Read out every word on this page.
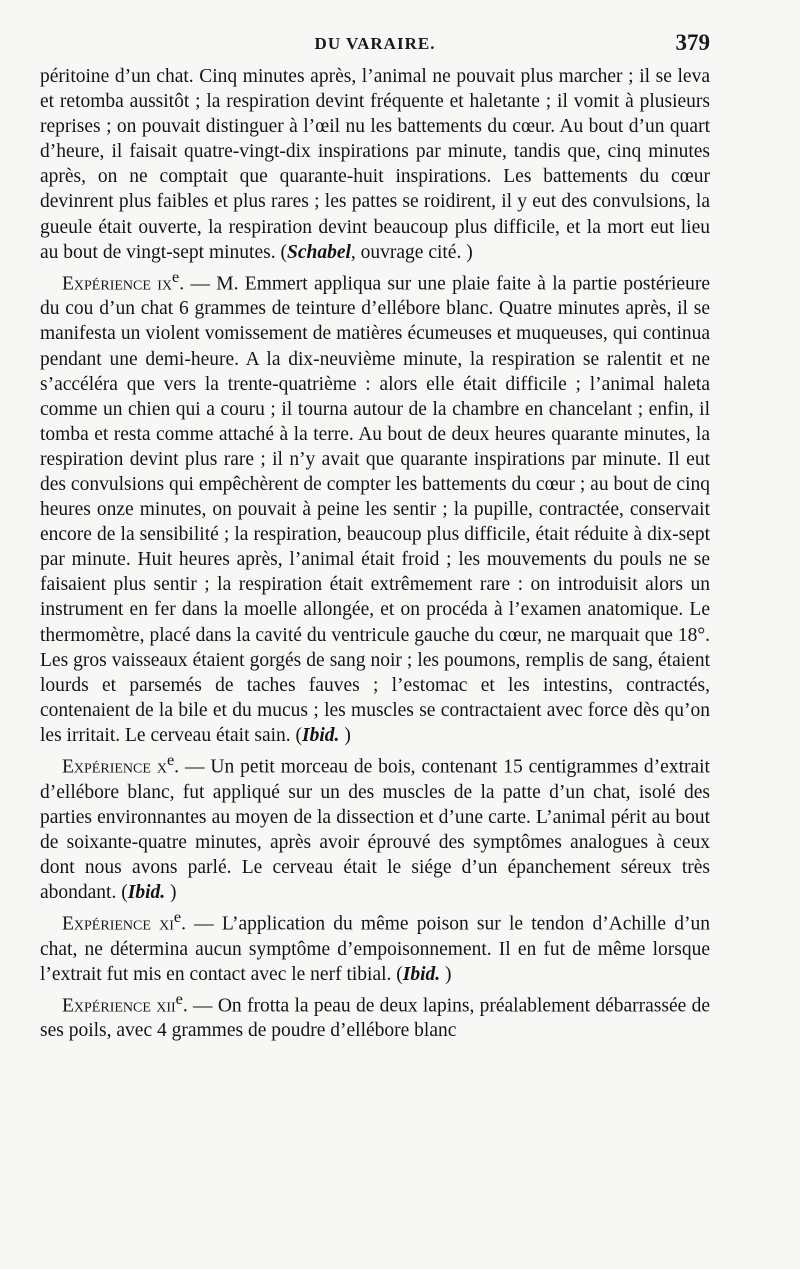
DU VARAIRE.	379

péritoine d’un chat. Cinq minutes après, l’animal ne pouvait plus marcher ; il se leva et retomba aussitôt ; la respiration devint fréquente et haletante ; il vomit à plusieurs reprises ; on pouvait distinguer à l’œil nu les battements du cœur. Au bout d’un quart d’heure, il faisait quatre-vingt-dix inspirations par minute, tandis que, cinq minutes après, on ne comptait que quarante-huit inspirations. Les battements du cœur devinrent plus faibles et plus rares ; les pattes se roidirent, il y eut des convulsions, la gueule était ouverte, la respiration devint beaucoup plus difficile, et la mort eut lieu au bout de vingt-sept minutes. (Schabel, ouvrage cité. )

Expérience $ix^e$. — M. Emmert appliqua sur une plaie faite à la partie postérieure du cou d’un chat 6 grammes de teinture d’ellébore blanc. Quatre minutes après, il se manifesta un violent vomissement de matières écumeuses et muqueuses, qui continua pendant une demi-heure. A la dix-neuvième minute, la respiration se ralentit et ne s’accéléra que vers la trente-quatrième : alors elle était difficile ; l’animal haleta comme un chien qui a couru ; il tourna autour de la chambre en chancelant ; enfin, il tomba et resta comme attaché à la terre. Au bout de deux heures quarante minutes, la respiration devint plus rare ; il n’y avait que quarante inspirations par minute. Il eut des convulsions qui empêchèrent de compter les battements du cœur ; au bout de cinq heures onze minutes, on pouvait à peine les sentir ; la pupille, contractée, conservait encore de la sensibilité ; la respiration, beaucoup plus difficile, était réduite à dix-sept par minute. Huit heures après, l’animal était froid ; les mouvements du pouls ne se faisaient plus sentir ; la respiration était extrêmement rare : on introduisit alors un instrument en fer dans la moelle allongée, et on procéda à l’examen anatomique. Le thermomètre, placé dans la cavité du ventricule gauche du cœur, ne marquait que 18°. Les gros vaisseaux étaient gorgés de sang noir ; les poumons, remplis de sang, étaient lourds et parsemés de taches fauves ; l’estomac et les intestins, contractés, contenaient de la bile et du mucus ; les muscles se contractaient avec force dès qu’on les irritait. Le cerveau était sain. (Ibid. )

Expérience $x^e$. — Un petit morceau de bois, contenant 15 centigrammes d’extrait d’ellébore blanc, fut appliqué sur un des muscles de la patte d’un chat, isolé des parties environnantes au moyen de la dissection et d’une carte. L’animal périt au bout de soixante-quatre minutes, après avoir éprouvé des symptômes analogues à ceux dont nous avons parlé. Le cerveau était le siége d’un épanchement séreux très abondant. (Ibid. )

Expérience $xi^e$. — L’application du même poison sur le tendon d’Achille d’un chat, ne détermina aucun symptôme d’empoisonnement. Il en fut de même lorsque l’extrait fut mis en contact avec le nerf tibial. (Ibid. )

Expérience xii$^e$. — On frotta la peau de deux lapins, préalablement débarrassée de ses poils, avec 4 grammes de poudre d’ellébore blanc
